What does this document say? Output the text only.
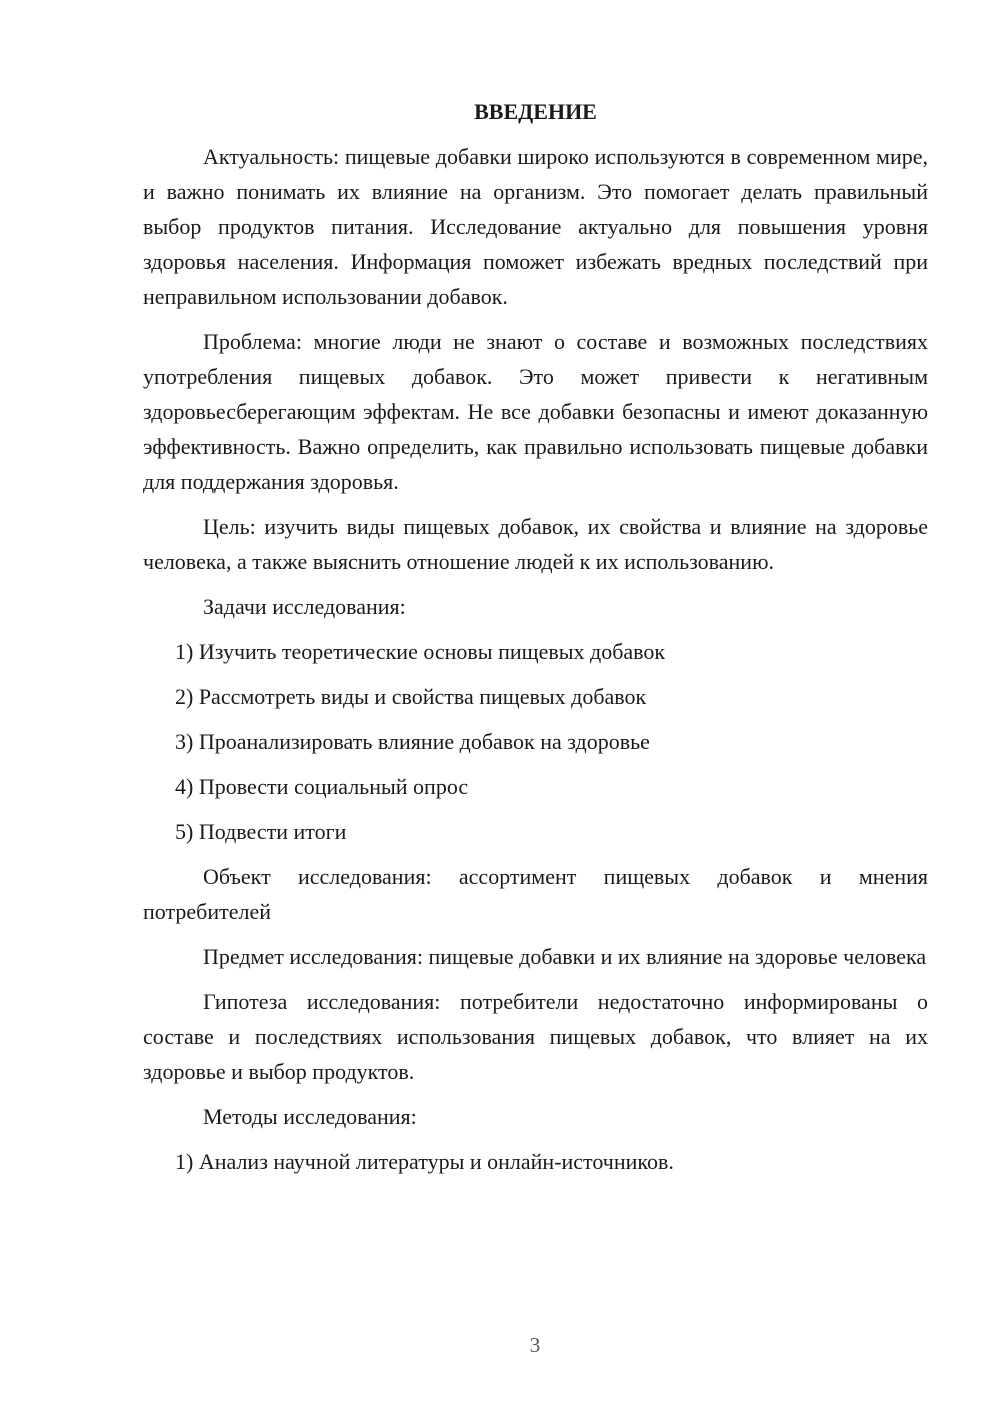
ВВЕДЕНИЕ

Актуальность: пищевые добавки широко используются в современном мире, и важно понимать их влияние на организм. Это помогает делать правильный выбор продуктов питания. Исследование актуально для повышения уровня здоровья населения. Информация поможет избежать вредных последствий при неправильном использовании добавок.

Проблема: многие люди не знают о составе и возможных последствиях употребления пищевых добавок. Это может привести к негативным здоровьесберегающим эффектам. Не все добавки безопасны и имеют доказанную эффективность. Важно определить, как правильно использовать пищевые добавки для поддержания здоровья.

Цель: изучить виды пищевых добавок, их свойства и влияние на здоровье человека, а также выяснить отношение людей к их использованию.

Задачи исследования:

1) Изучить теоретические основы пищевых добавок

2) Рассмотреть виды и свойства пищевых добавок

3) Проанализировать влияние добавок на здоровье

4) Провести социальный опрос

5) Подвести итоги

Объект исследования: ассортимент пищевых добавок и мнения потребителей

Предмет исследования: пищевые добавки и их влияние на здоровье человека

Гипотеза исследования: потребители недостаточно информированы о составе и последствиях использования пищевых добавок, что влияет на их здоровье и выбор продуктов.

Методы исследования:

1) Анализ научной литературы и онлайн-источников.

3
